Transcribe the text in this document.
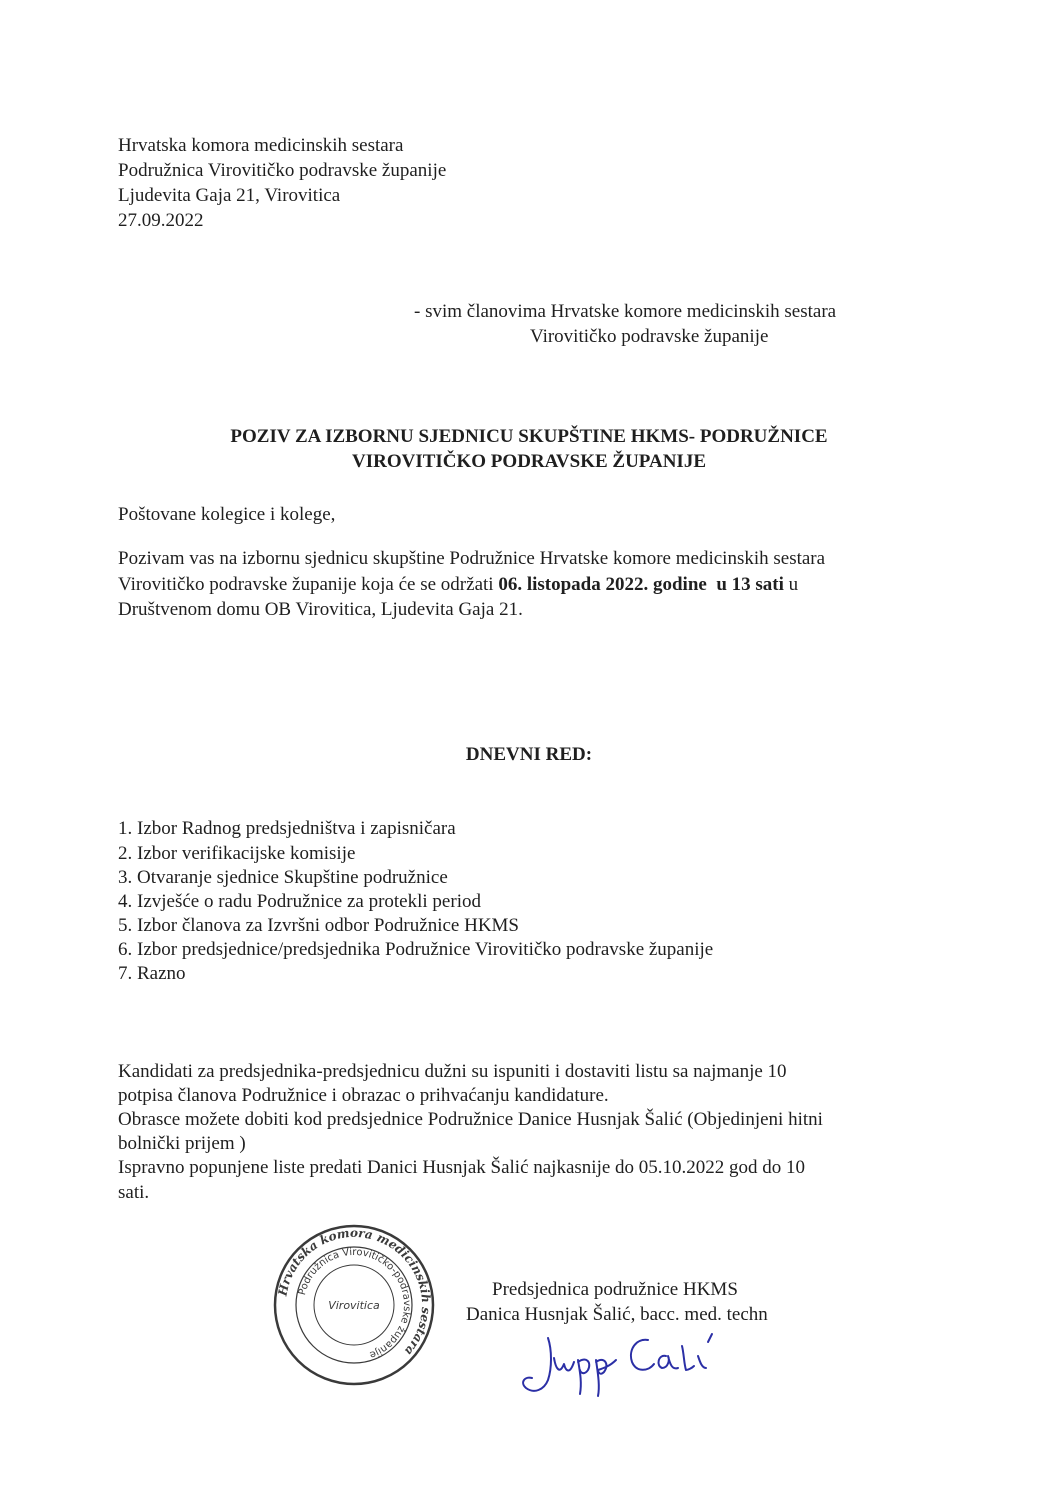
Hrvatska komora medicinskih sestara
Podružnica Virovitičko podravske županije
Ljudevita Gaja 21, Virovitica
27.09.2022
- svim članovima Hrvatske komore medicinskih sestara
Virovitičko podravske županije
POZIV ZA IZBORNU SJEDNICU SKUPŠTINE HKMS- PODRUŽNICE
VIROVITIČKO PODRAVSKE ŽUPANIJE
Poštovane kolegice i kolege,
Pozivam vas na izbornu sjednicu skupštine Podružnice Hrvatske komore medicinskih sestara
Virovitičko podravske županije koja će se održati 06. listopada 2022. godine u 13 sati u
Društvenom domu OB Virovitica, Ljudevita Gaja 21.
DNEVNI RED:
1. Izbor Radnog predsjedništva i zapisničara
2. Izbor verifikacijske komisije
3. Otvaranje sjednice Skupštine podružnice
4. Izvješće o radu Podružnice za protekli period
5. Izbor članova za Izvršni odbor Podružnice HKMS
6. Izbor predsjednice/predsjednika Podružnice Virovitičko podravske županije
7. Razno
Kandidati za predsjednika-predsjednicu dužni su ispuniti i dostaviti listu sa najmanje 10
potpisa članova Podružnice i obrazac o prihvaćanju kandidature.
Obrasce možete dobiti kod predsjednice Podružnice Danice Husnjak Šalić (Objedinjeni hitni
bolnički prijem )
Ispravno popunjene liste predati Danici Husnjak Šalić najkasnije do 05.10.2022 god do 10
sati.
Hrvatska komora medicinskih sestara
Podružnica Virovitičko-podravske županije
Virovitica
Predsjednica podružnice HKMS
Danica Husnjak Šalić, bacc. med. techn
